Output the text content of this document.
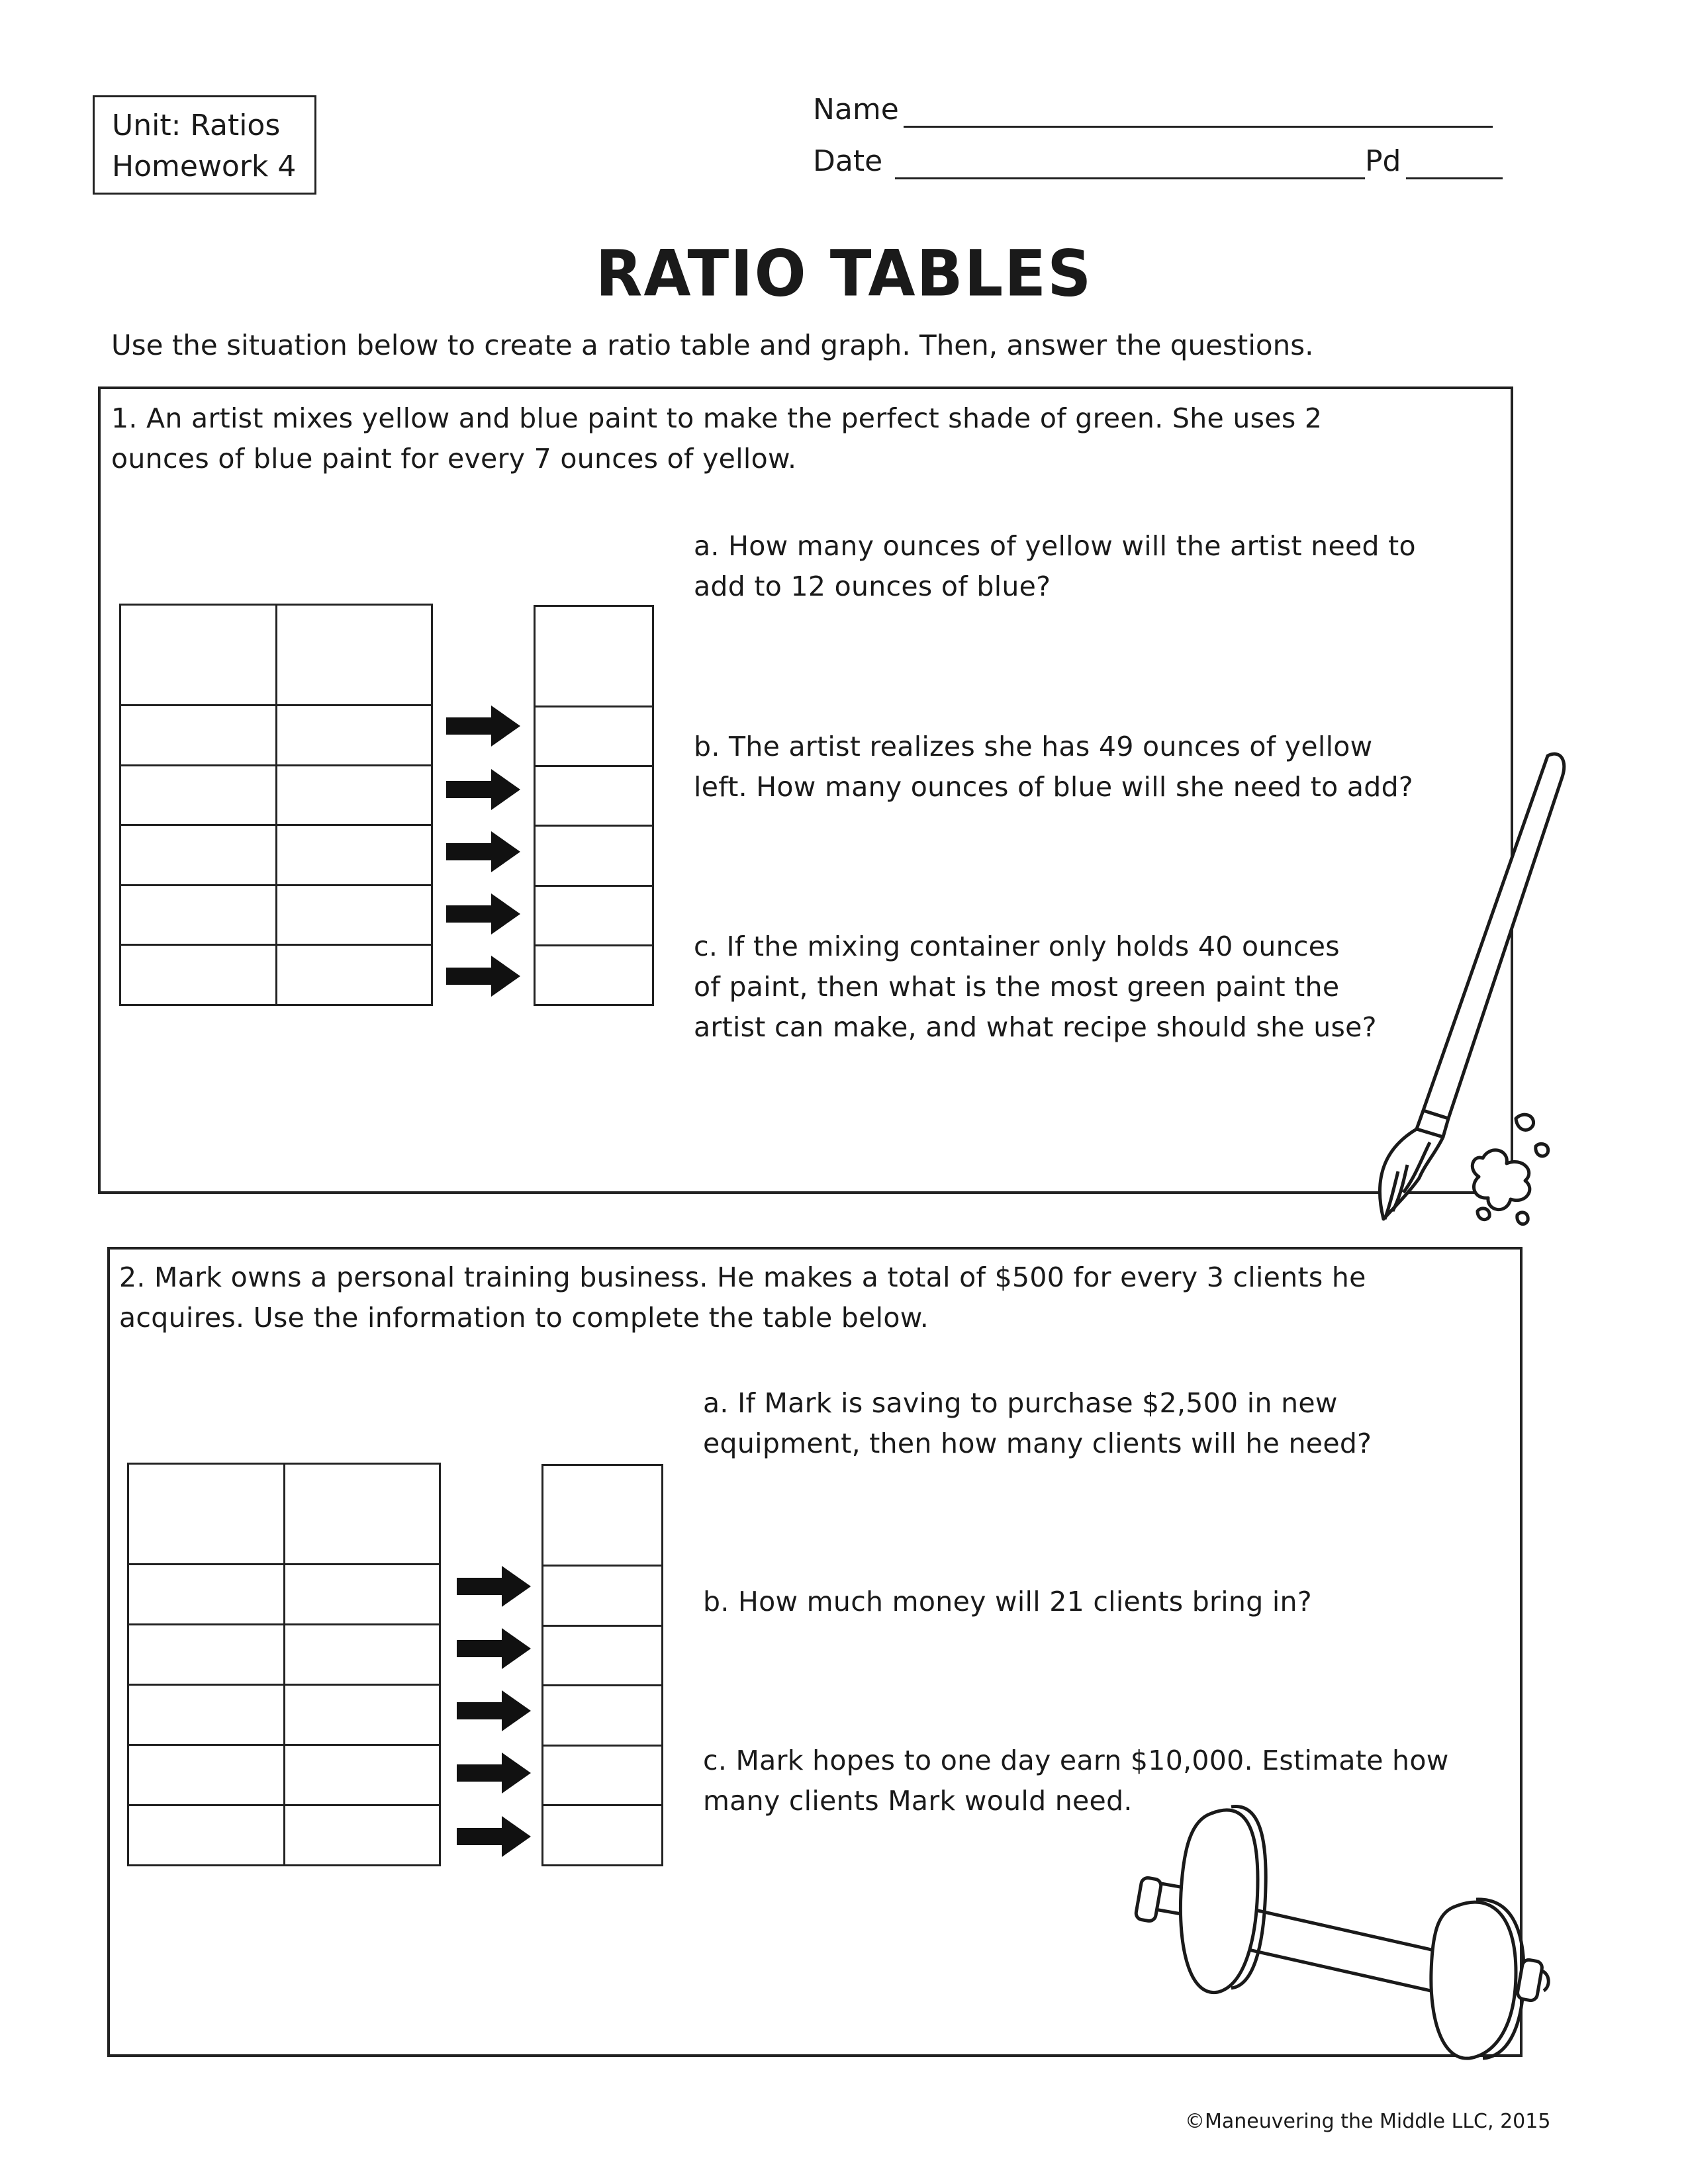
Unit: Ratios
Homework 4
Name
Date	Pd
RATIO TABLES
Use the situation below to create a ratio table and graph. Then, answer the questions.
1. An artist mixes yellow and blue paint to make the perfect shade of green. She uses 2
ounces of blue paint for every 7 ounces of yellow.

a. How many ounces of yellow will the artist need to
add to 12 ounces of blue?
b. The artist realizes she has 49 ounces of yellow
left. How many ounces of blue will she need to add?
c. If the mixing container only holds 40 ounces
of paint, then what is the most green paint the
artist can make, and what recipe should she use?
2. Mark owns a personal training business. He makes a total of $500 for every 3 clients he
acquires. Use the information to complete the table below.

a. If Mark is saving to purchase $2,500 in new
equipment, then how many clients will he need?
b. How much money will 21 clients bring in?
c. Mark hopes to one day earn $10,000. Estimate how
many clients Mark would need.
©Maneuvering the Middle LLC, 2015
